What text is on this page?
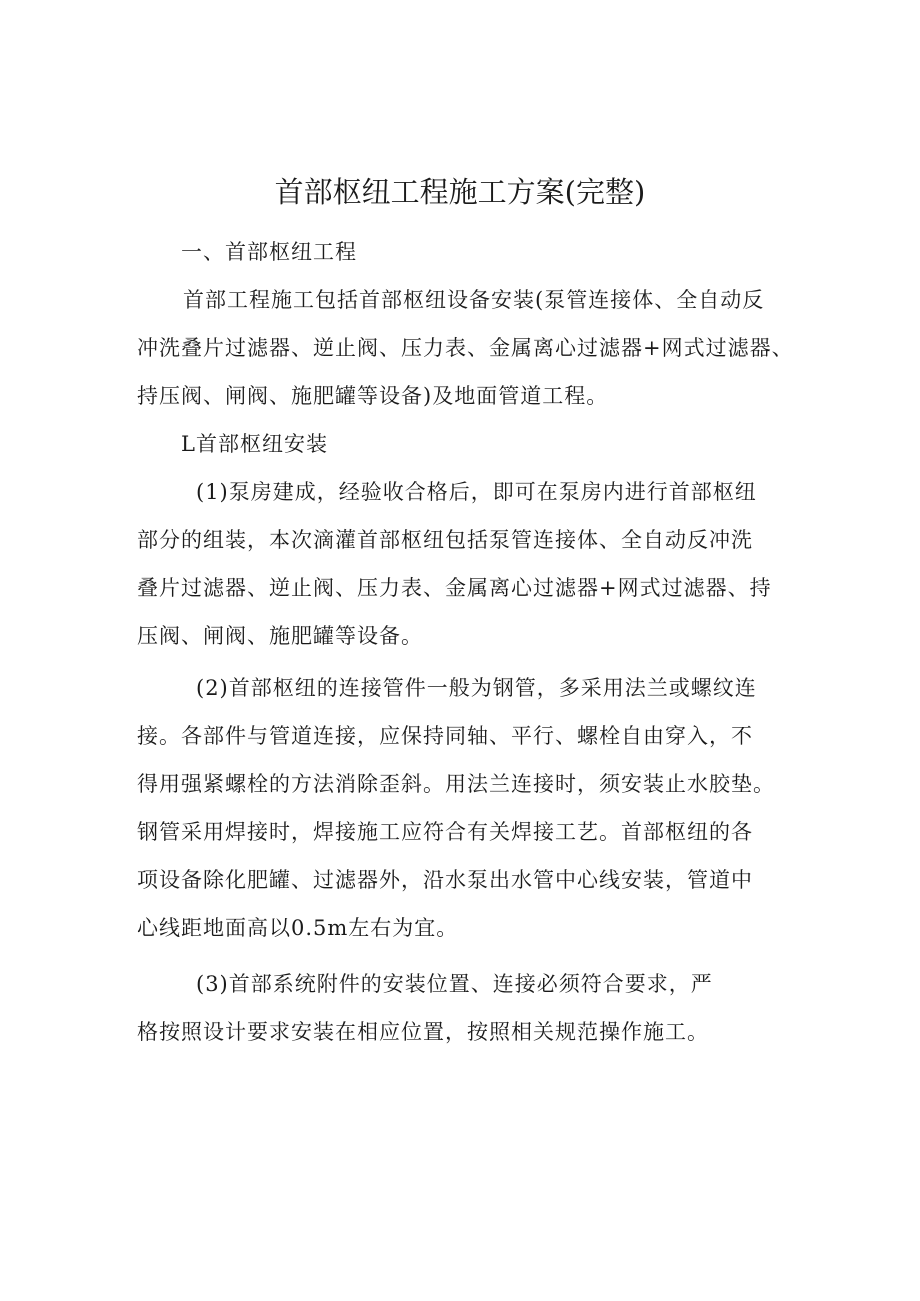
首部枢纽工程施工方案(完整)
一、首部枢纽工程
首部工程施工包括首部枢纽设备安装(泵管连接体、全自动反
冲洗叠片过滤器、逆止阀、压力表、金属离心过滤器+网式过滤器、
持压阀、闸阀、施肥罐等设备)及地面管道工程。
L首部枢纽安装
(1)泵房建成，经验收合格后，即可在泵房内进行首部枢纽
部分的组装，本次滴灌首部枢纽包括泵管连接体、全自动反冲洗
叠片过滤器、逆止阀、压力表、金属离心过滤器+网式过滤器、持
压阀、闸阀、施肥罐等设备。
(2)首部枢纽的连接管件一般为钢管，多采用法兰或螺纹连
接。各部件与管道连接，应保持同轴、平行、螺栓自由穿入，不
得用强紧螺栓的方法消除歪斜。用法兰连接时，须安装止水胶垫。
钢管采用焊接时，焊接施工应符合有关焊接工艺。首部枢纽的各
项设备除化肥罐、过滤器外，沿水泵出水管中心线安装，管道中
心线距地面高以0.5m左右为宜。
(3)首部系统附件的安装位置、连接必须符合要求，严
格按照设计要求安装在相应位置，按照相关规范操作施工。
